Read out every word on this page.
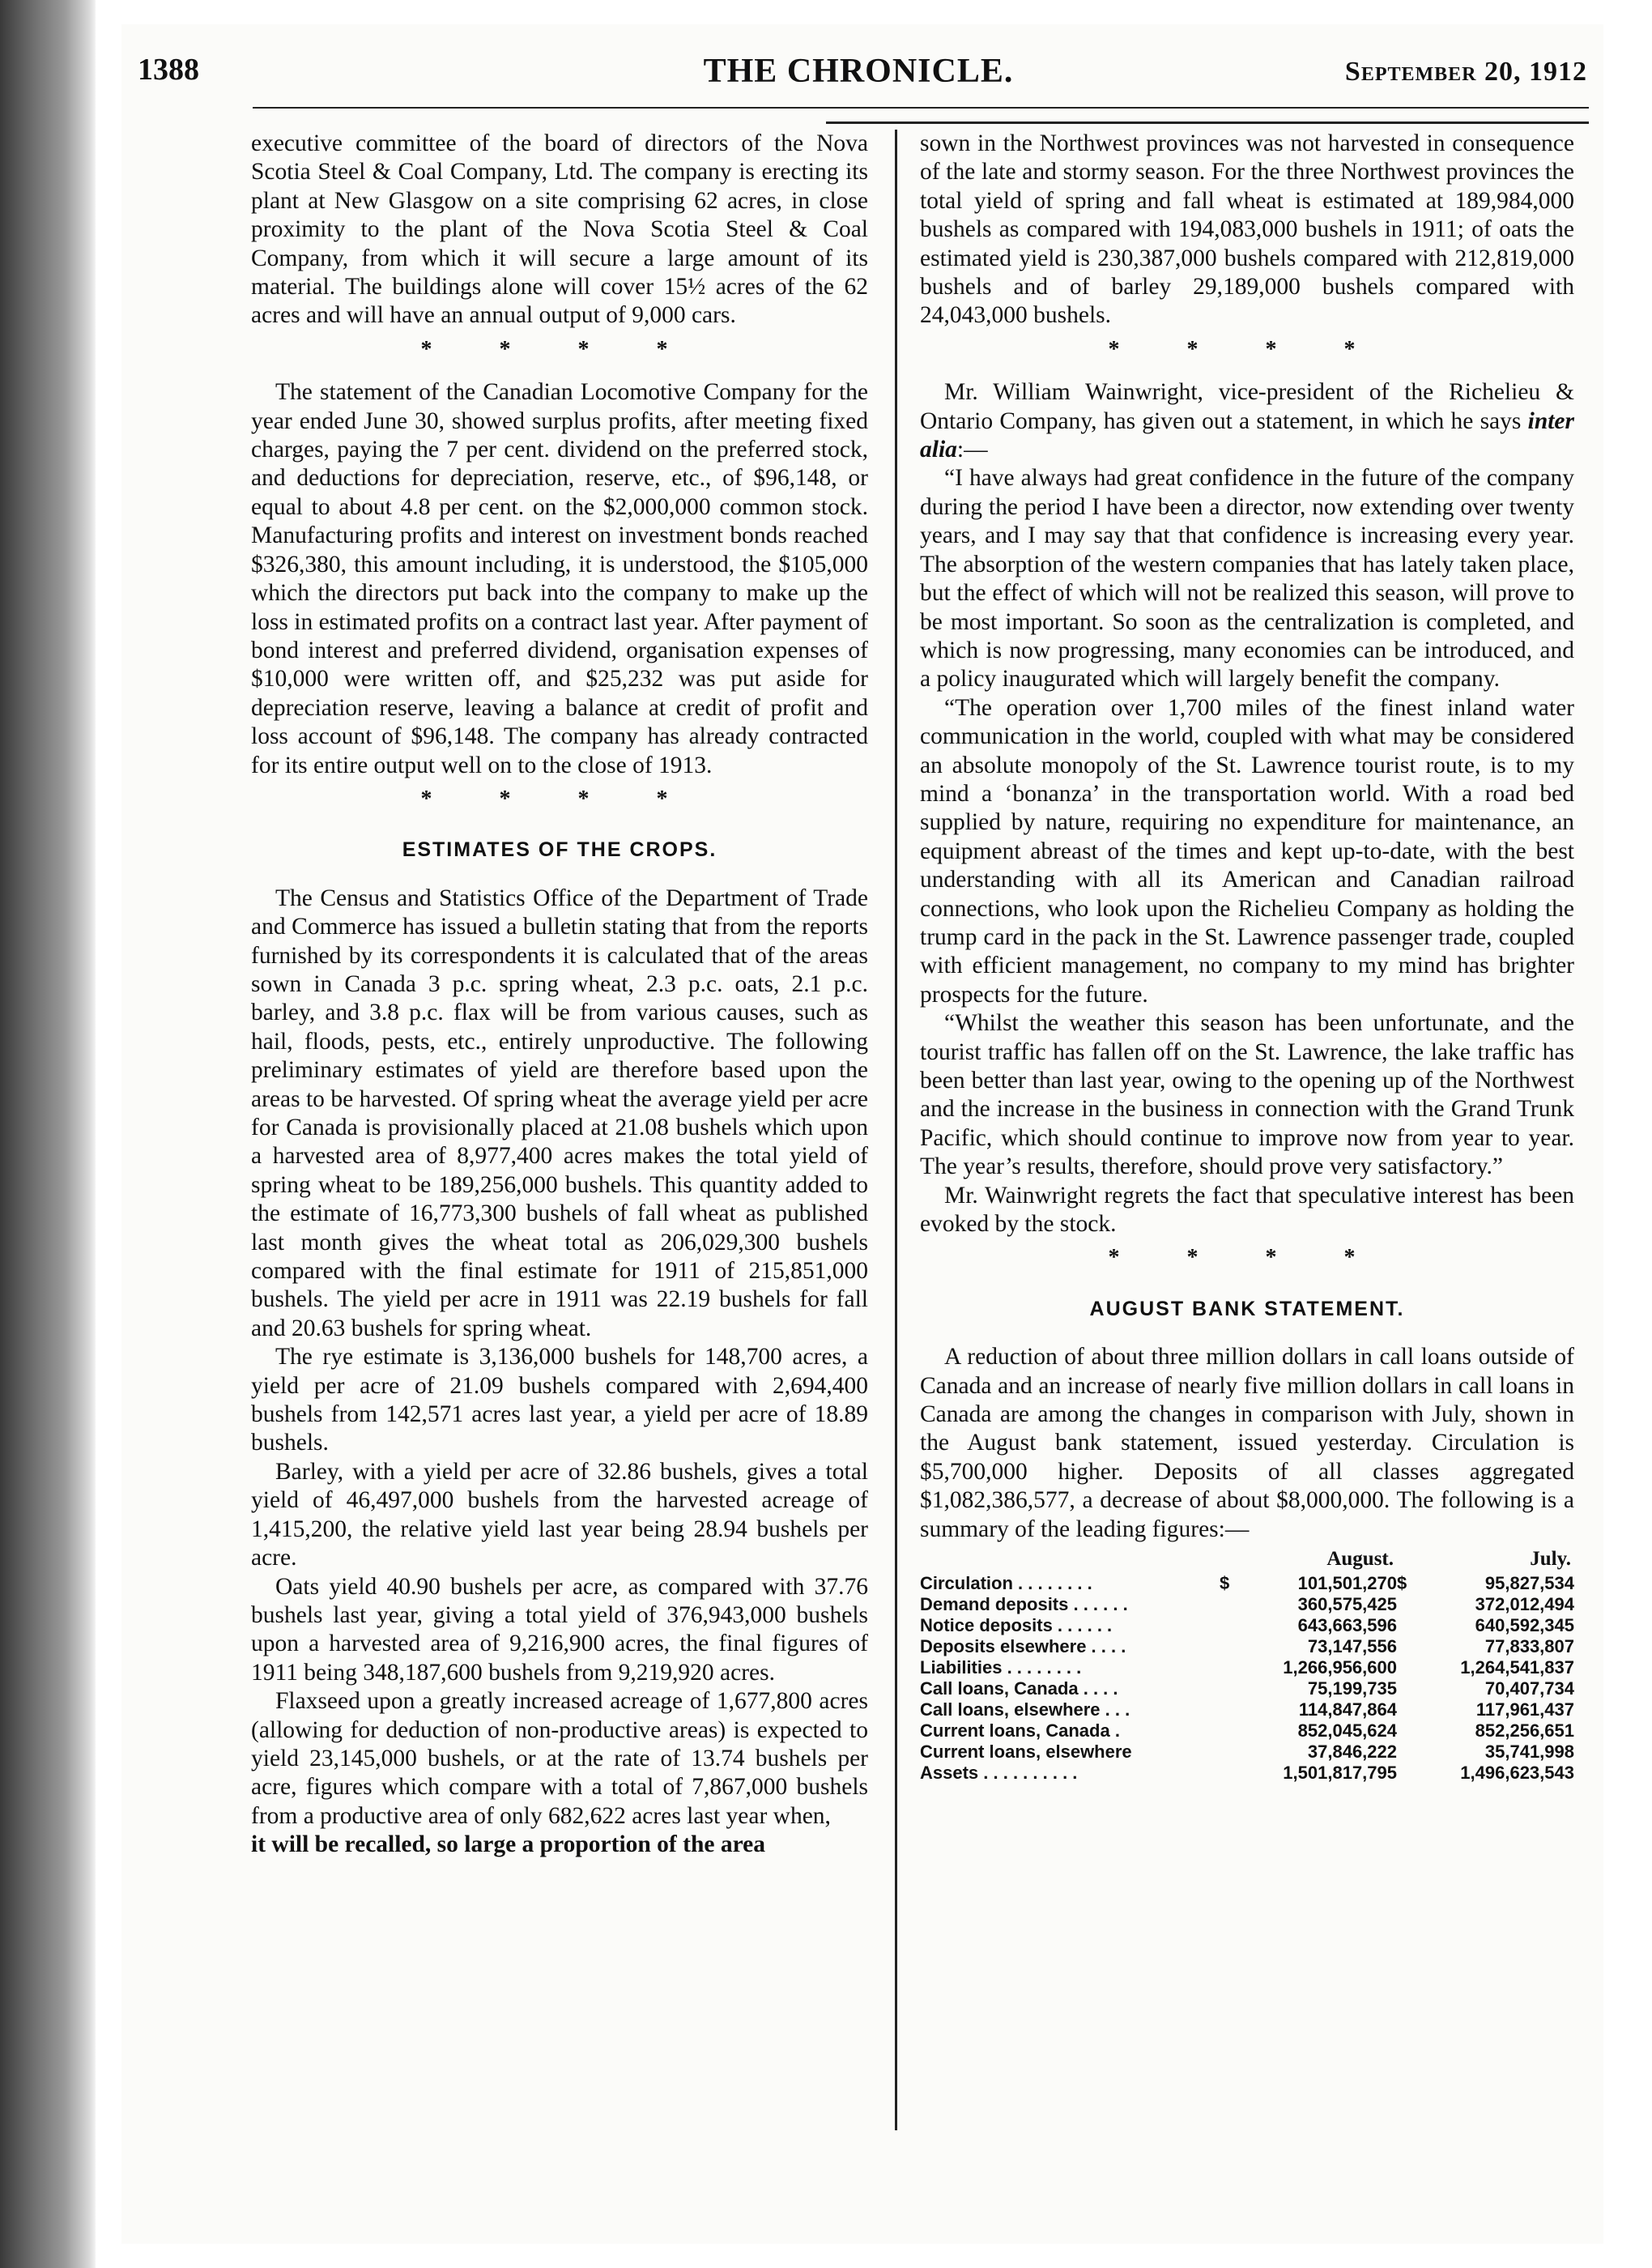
1388	THE CHRONICLE.	September 20, 1912

executive committee of the board of directors of the Nova Scotia Steel & Coal Company, Ltd. The company is erecting its plant at New Glasgow on a site comprising 62 acres, in close proximity to the plant of the Nova Scotia Steel & Coal Company, from which it will secure a large amount of its material. The buildings alone will cover 15½ acres of the 62 acres and will have an annual output of 9,000 cars.

* * * *

The statement of the Canadian Locomotive Company for the year ended June 30, showed surplus profits, after meeting fixed charges, paying the 7 per cent. dividend on the preferred stock, and deductions for depreciation, reserve, etc., of $96,148, or equal to about 4.8 per cent. on the $2,000,000 common stock. Manufacturing profits and interest on investment bonds reached $326,380, this amount including, it is understood, the $105,000 which the directors put back into the company to make up the loss in estimated profits on a contract last year. After payment of bond interest and preferred dividend, organisation expenses of $10,000 were written off, and $25,232 was put aside for depreciation reserve, leaving a balance at credit of profit and loss account of $96,148. The company has already contracted for its entire output well on to the close of 1913.

* * * *
ESTIMATES OF THE CROPS.

The Census and Statistics Office of the Department of Trade and Commerce has issued a bulletin stating that from the reports furnished by its correspondents it is calculated that of the areas sown in Canada 3 p.c. spring wheat, 2.3 p.c. oats, 2.1 p.c. barley, and 3.8 p.c. flax will be from various causes, such as hail, floods, pests, etc., entirely unproductive. The following preliminary estimates of yield are therefore based upon the areas to be harvested. Of spring wheat the average yield per acre for Canada is provisionally placed at 21.08 bushels which upon a harvested area of 8,977,400 acres makes the total yield of spring wheat to be 189,256,000 bushels. This quantity added to the estimate of 16,773,300 bushels of fall wheat as published last month gives the wheat total as 206,029,300 bushels compared with the final estimate for 1911 of 215,851,000 bushels. The yield per acre in 1911 was 22.19 bushels for fall and 20.63 bushels for spring wheat.

The rye estimate is 3,136,000 bushels for 148,700 acres, a yield per acre of 21.09 bushels compared with 2,694,400 bushels from 142,571 acres last year, a yield per acre of 18.89 bushels.

Barley, with a yield per acre of 32.86 bushels, gives a total yield of 46,497,000 bushels from the harvested acreage of 1,415,200, the relative yield last year being 28.94 bushels per acre.

Oats yield 40.90 bushels per acre, as compared with 37.76 bushels last year, giving a total yield of 376,943,000 bushels upon a harvested area of 9,216,900 acres, the final figures of 1911 being 348,187,600 bushels from 9,219,920 acres.

Flaxseed upon a greatly increased acreage of 1,677,800 acres (allowing for deduction of non-productive areas) is expected to yield 23,145,000 bushels, or at the rate of 13.74 bushels per acre, figures which compare with a total of 7,867,000 bushels from a productive area of only 682,622 acres last year when,

it will be recalled, so large a proportion of the area

sown in the Northwest provinces was not harvested in consequence of the late and stormy season. For the three Northwest provinces the total yield of spring and fall wheat is estimated at 189,984,000 bushels as compared with 194,083,000 bushels in 1911; of oats the estimated yield is 230,387,000 bushels compared with 212,819,000 bushels and of barley 29,189,000 bushels compared with 24,043,000 bushels.

* * * *

Mr. William Wainwright, vice-president of the Richelieu & Ontario Company, has given out a statement, in which he says inter alia:—

“I have always had great confidence in the future of the company during the period I have been a director, now extending over twenty years, and I may say that that confidence is increasing every year. The absorption of the western companies that has lately taken place, but the effect of which will not be realized this season, will prove to be most important. So soon as the centralization is completed, and which is now progressing, many economies can be introduced, and a policy inaugurated which will largely benefit the company.

“The operation over 1,700 miles of the finest inland water communication in the world, coupled with what may be considered an absolute monopoly of the St. Lawrence tourist route, is to my mind a ‘bonanza’ in the transportation world. With a road bed supplied by nature, requiring no expenditure for maintenance, an equipment abreast of the times and kept up-to-date, with the best understanding with all its American and Canadian railroad connections, who look upon the Richelieu Company as holding the trump card in the pack in the St. Lawrence passenger trade, coupled with efficient management, no company to my mind has brighter prospects for the future.

“Whilst the weather this season has been unfortunate, and the tourist traffic has fallen off on the St. Lawrence, the lake traffic has been better than last year, owing to the opening up of the Northwest and the increase in the business in connection with the Grand Trunk Pacific, which should continue to improve now from year to year. The year’s results, therefore, should prove very satisfactory.”

Mr. Wainwright regrets the fact that speculative interest has been evoked by the stock.

* * * *
AUGUST BANK STATEMENT.

A reduction of about three million dollars in call loans outside of Canada and an increase of nearly five million dollars in call loans in Canada are among the changes in comparison with July, shown in the August bank statement, issued yesterday. Circulation is $5,700,000 higher. Deposits of all classes aggregated $1,082,386,577, a decrease of about $8,000,000. The following is a summary of the leading figures:—

	August.		July.	
Circulation . . . . . . . .	$	101,501,270	$	95,827,534
Demand deposits . . . . . .		360,575,425		372,012,494
Notice deposits . . . . . .		643,663,596		640,592,345
Deposits elsewhere . . . .		73,147,556		77,833,807
Liabilities . . . . . . . .		1,266,956,600		1,264,541,837
Call loans, Canada . . . .		75,199,735		70,407,734
Call loans, elsewhere . . .		114,847,864		117,961,437
Current loans, Canada .		852,045,624		852,256,651
Current loans, elsewhere		37,846,222		35,741,998
Assets . . . . . . . . . .		1,501,817,795		1,496,623,543
